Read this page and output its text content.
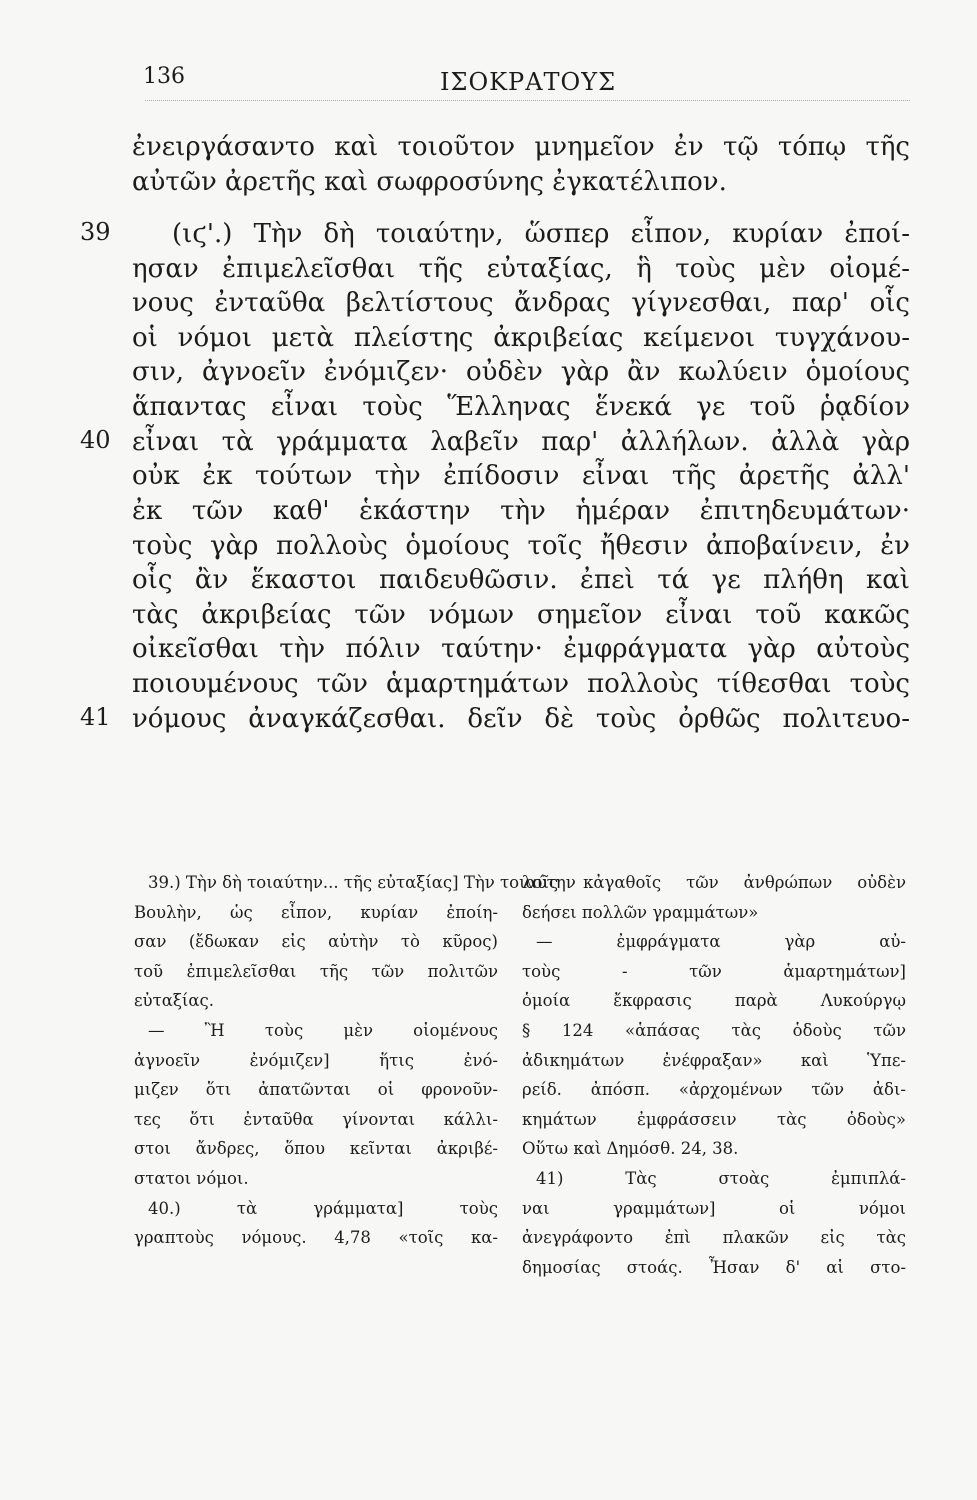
136	ΙΣΟΚΡΑΤΟΥΣ
ἐνειργάσαντο καὶ τοιοῦτον μνημεῖον ἐν τῷ τόπῳ τῆς
αὐτῶν ἀρετῆς καὶ σωφροσύνης ἐγκατέλιπον.
(ιϛ'.) Τὴν δὴ τοιαύτην, ὥσπερ εἶπον, κυρίαν ἐποί-
ησαν ἐπιμελεῖσθαι τῆς εὐταξίας, ἣ τοὺς μὲν οἰομέ-
νους ἐνταῦθα βελτίστους ἄνδρας γίγνεσθαι, παρ' οἷς
οἱ νόμοι μετὰ πλείστης ἀκριβείας κείμενοι τυγχάνου-
σιν, ἀγνοεῖν ἐνόμιζεν· οὐδὲν γὰρ ἂν κωλύειν ὁμοίους
ἅπαντας εἶναι τοὺς Ἕλληνας ἕνεκά γε τοῦ ῥᾳδίον
εἶναι τὰ γράμματα λαβεῖν παρ' ἀλλήλων. ἀλλὰ γὰρ
οὐκ ἐκ τούτων τὴν ἐπίδοσιν εἶναι τῆς ἀρετῆς ἀλλ'
ἐκ τῶν καθ' ἑκάστην τὴν ἡμέραν ἐπιτηδευμάτων·
τοὺς γὰρ πολλοὺς ὁμοίους τοῖς ἤθεσιν ἀποβαίνειν, ἐν
οἷς ἂν ἕκαστοι παιδευθῶσιν. ἐπεὶ τά γε πλήθη καὶ
τὰς ἀκριβείας τῶν νόμων σημεῖον εἶναι τοῦ κακῶς
οἰκεῖσθαι τὴν πόλιν ταύτην· ἐμφράγματα γὰρ αὐτοὺς
ποιουμένους τῶν ἁμαρτημάτων πολλοὺς τίθεσθαι τοὺς
νόμους ἀναγκάζεσθαι. δεῖν δὲ τοὺς ὀρθῶς πολιτευο-
39
40
41
39.) Τὴν δὴ τοιαύτην... τῆς εὐταξίας] Τὴν τοιαύτην
Βουλὴν, ὡς εἶπον, κυρίαν ἐποίη-
σαν (ἔδωκαν εἰς αὐτὴν τὸ κῦρος)
τοῦ ἐπιμελεῖσθαι τῆς τῶν πολιτῶν
εὐταξίας.
— Ἢ τοὺς μὲν οἰομένους
ἀγνοεῖν ἐνόμιζεν] ἥτις ἐνό-
μιζεν ὅτι ἀπατῶνται οἱ φρονοῦν-
τες ὅτι ἐνταῦθα γίνονται κάλλι-
στοι ἄνδρες, ὅπου κεῖνται ἀκριβέ-
στατοι νόμοι.
40.) τὰ γράμματα] τοὺς
γραπτοὺς νόμους. 4,78 «τοῖς κα-
λοῖς κἀγαθοῖς τῶν ἀνθρώπων οὐδὲν
δεήσει πολλῶν γραμμάτων»
— ἐμφράγματα γὰρ αὐ-
τοὺς - τῶν ἁμαρτημάτων]
ὁμοία ἔκφρασις παρὰ Λυκούργῳ
§ 124 «ἁπάσας τὰς ὁδοὺς τῶν
ἀδικημάτων ἐνέφραξαν» καὶ Ὑπε-
ρείδ. ἀπόσπ. «ἀρχομένων τῶν ἀδι-
κημάτων ἐμφράσσειν τὰς ὁδοὺς»
Οὕτω καὶ Δημόσθ. 24, 38.
41) Τὰς στοὰς ἐμπιπλά-
ναι γραμμάτων] οἱ νόμοι
ἀνεγράφοντο ἐπὶ πλακῶν εἰς τὰς
δημοσίας στοάς. Ἦσαν δ' αἱ στο-
